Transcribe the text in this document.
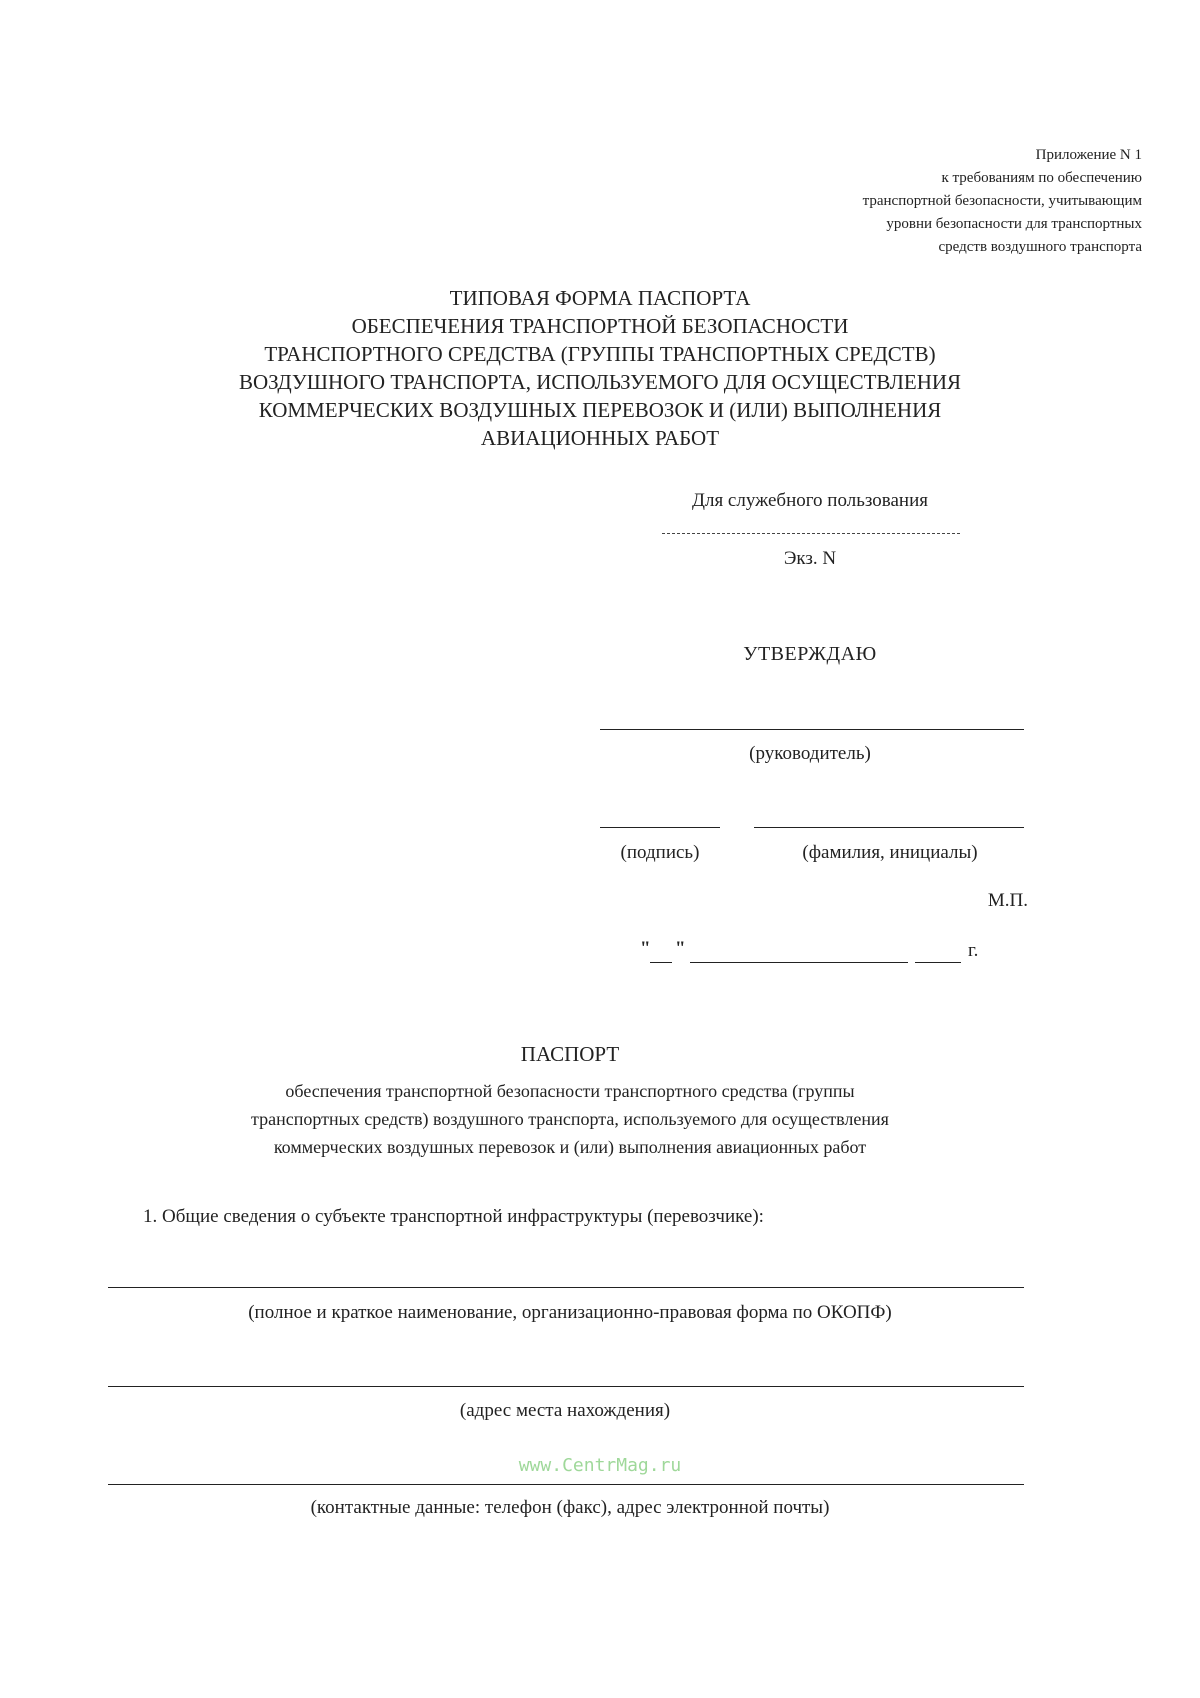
Приложение N 1
к требованиям по обеспечению
транспортной безопасности, учитывающим
уровни безопасности для транспортных
средств воздушного транспорта
ТИПОВАЯ ФОРМА ПАСПОРТА
ОБЕСПЕЧЕНИЯ ТРАНСПОРТНОЙ БЕЗОПАСНОСТИ
ТРАНСПОРТНОГО СРЕДСТВА (ГРУППЫ ТРАНСПОРТНЫХ СРЕДСТВ)
ВОЗДУШНОГО ТРАНСПОРТА, ИСПОЛЬЗУЕМОГО ДЛЯ ОСУЩЕСТВЛЕНИЯ
КОММЕРЧЕСКИХ ВОЗДУШНЫХ ПЕРЕВОЗОК И (ИЛИ) ВЫПОЛНЕНИЯ
АВИАЦИОННЫХ РАБОТ
Для служебного пользования
Экз. N
УТВЕРЖДАЮ
(руководитель)
(подпись)	(фамилия, инициалы)
М.П.
" "	г.
ПАСПОРТ
обеспечения транспортной безопасности транспортного средства (группы
транспортных средств) воздушного транспорта, используемого для осуществления
коммерческих воздушных перевозок и (или) выполнения авиационных работ
1. Общие сведения о субъекте транспортной инфраструктуры (перевозчике):
(полное и краткое наименование, организационно-правовая форма по ОКОПФ)
(адрес места нахождения)
www.CentrMag.ru
(контактные данные: телефон (факс), адрес электронной почты)
